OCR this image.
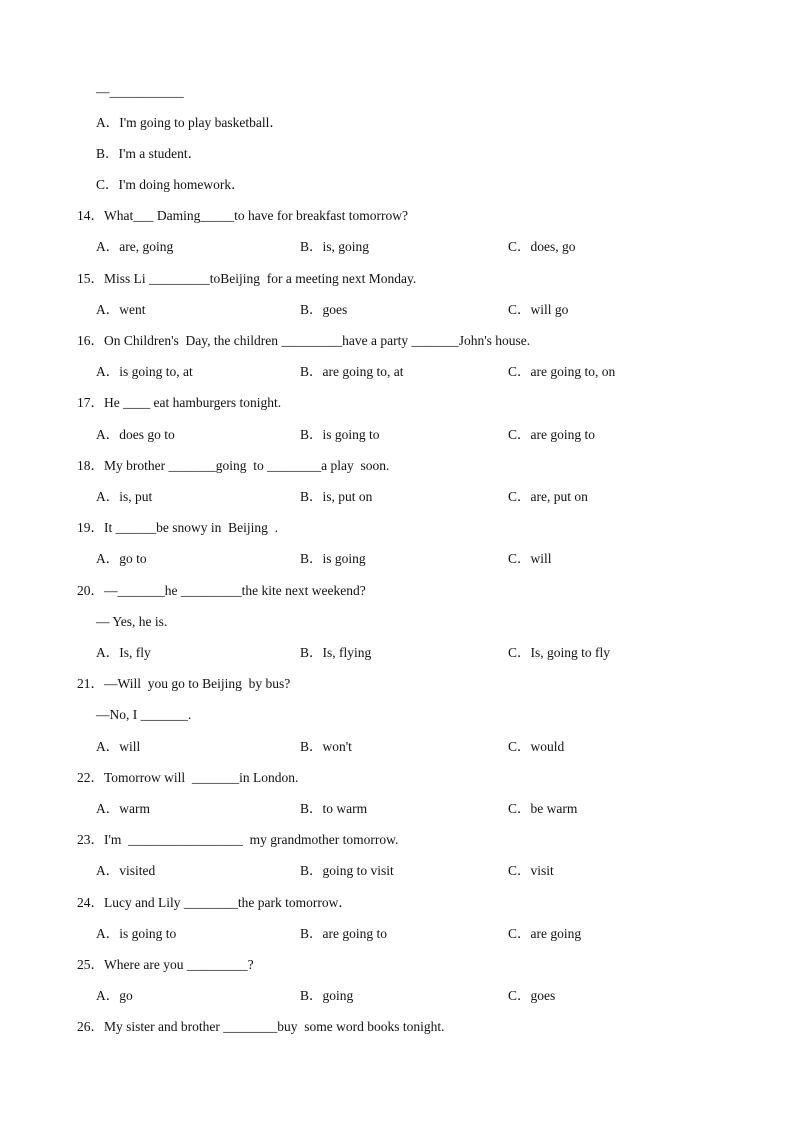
—___________
A．I'm going to play basketball．
B．I'm a student．
C．I'm doing homework．
14．What___ Daming_____to have for breakfast tomorrow?
A．are, going	B．is, going	C．does, go
15．Miss Li _________toBeijing  for a meeting next Monday.
A．went	B．goes	C．will go
16．On Children's  Day, the children _________have a party _______John's house.
A．is going to, at	B．are going to, at	C．are going to, on
17．He ____ eat hamburgers tonight.
A．does go to	B．is going to	C．are going to
18．My brother _______going  to ________a play  soon.
A．is, put	B．is, put on	C．are, put on
19．It ______be snowy in  Beijing  .
A．go to	B．is going	C．will
20．—_______he _________the kite next weekend?
— Yes, he is.
A．Is, fly	B．Is, flying	C．Is, going to fly
21．—Will  you go to Beijing  by bus?
—No, I _______.
A．will	B．won't	C．would
22．Tomorrow will  _______in London.
A．warm	B．to warm	C．be warm
23．I'm  _________________  my grandmother tomorrow.
A．visited	B．going to visit	C．visit
24．Lucy and Lily ________the park tomorrow．
A．is going to	B．are going to	C．are going
25．Where are you _________?
A．go	B．going	C．goes
26．My sister and brother ________buy  some word books tonight.
